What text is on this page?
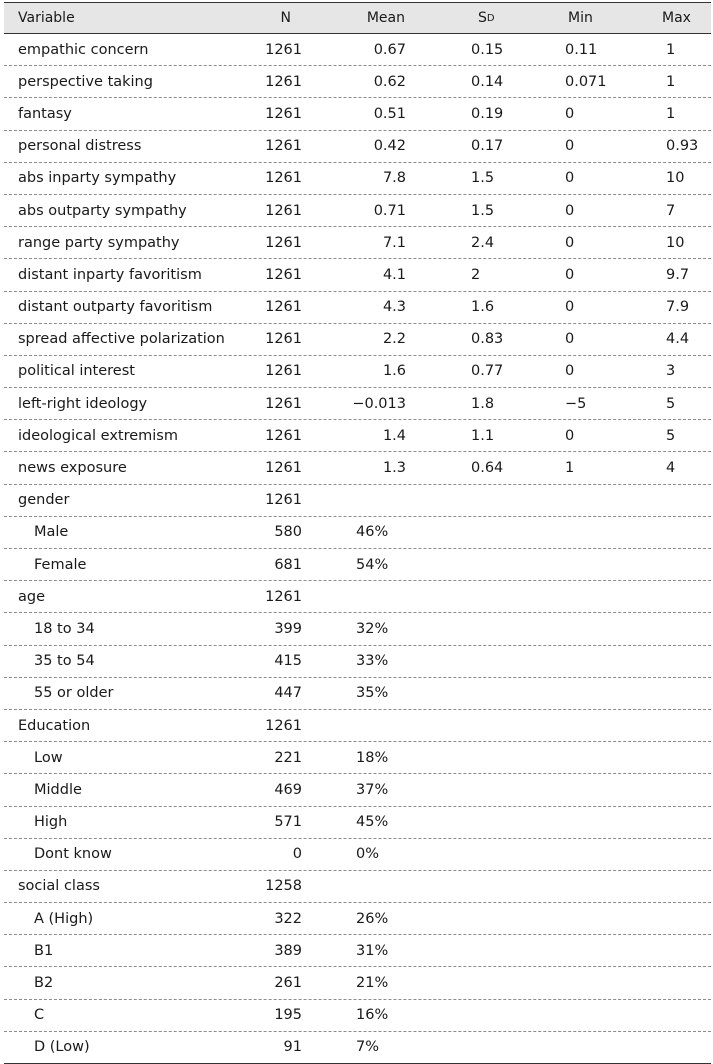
Variable	N	Mean	S D	Min	Max
empathic concern	1261	0.67	0.15	0.11	1
perspective taking	1261	0.62	0.14	0.071	1
fantasy	1261	0.51	0.19	0	1
personal distress	1261	0.42	0.17	0	0.93
abs inparty sympathy	1261	7.8	1.5	0	10
abs outparty sympathy	1261	0.71	1.5	0	7
range party sympathy	1261	7.1	2.4	0	10
distant inparty favoritism	1261	4.1	2	0	9.7
distant outparty favoritism	1261	4.3	1.6	0	7.9
spread affective polarization	1261	2.2	0.83	0	4.4
political interest	1261	1.6	0.77	0	3
left-right ideology	1261	−0.013	1.8	−5	5
ideological extremism	1261	1.4	1.1	0	5
news exposure	1261	1.3	0.64	1	4
gender	1261
Male	580	46%
Female	681	54%
age	1261
18 to 34	399	32%
35 to 54	415	33%
55 or older	447	35%
Education	1261
Low	221	18%
Middle	469	37%
High	571	45%
Dont know	0	0%
social class	1258
A (High)	322	26%
B1	389	31%
B2	261	21%
C	195	16%
D (Low)	91	7%
